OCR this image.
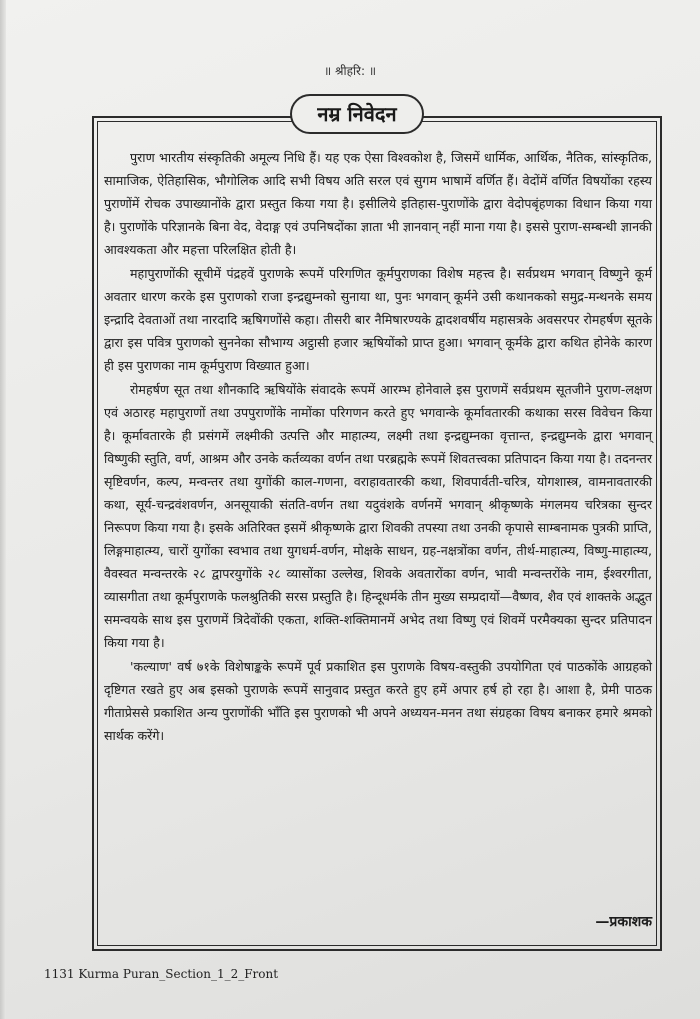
॥ श्रीहरि: ॥
नम्र निवेदन

पुराण भारतीय संस्कृतिकी अमूल्य निधि हैं। यह एक ऐसा विश्वकोश है, जिसमें धार्मिक, आर्थिक, नैतिक, सांस्कृतिक, सामाजिक, ऐतिहासिक, भौगोलिक आदि सभी विषय अति सरल एवं सुगम भाषामें वर्णित हैं। वेदोंमें वर्णित विषयोंका रहस्य पुराणोंमें रोचक उपाख्यानोंके द्वारा प्रस्तुत किया गया है। इसीलिये इतिहास-पुराणोंके द्वारा वेदोपबृंहणका विधान किया गया है। पुराणोंके परिज्ञानके बिना वेद, वेदाङ्ग एवं उपनिषदोंका ज्ञाता भी ज्ञानवान् नहीं माना गया है। इससे पुराण-सम्बन्धी ज्ञानकी आवश्यकता और महत्ता परिलक्षित होती है।

महापुराणोंकी सूचीमें पंद्रहवें पुराणके रूपमें परिगणित कूर्मपुराणका विशेष महत्त्व है। सर्वप्रथम भगवान् विष्णुने कूर्म अवतार धारण करके इस पुराणको राजा इन्द्रद्युम्नको सुनाया था, पुनः भगवान् कूर्मने उसी कथानकको समुद्र-मन्थनके समय इन्द्रादि देवताओं तथा नारदादि ऋषिगणोंसे कहा। तीसरी बार नैमिषारण्यके द्वादशवर्षीय महासत्रके अवसरपर रोमहर्षण सूतके द्वारा इस पवित्र पुराणको सुननेका सौभाग्य अट्ठासी हजार ऋषियोंको प्राप्त हुआ। भगवान् कूर्मके द्वारा कथित होनेके कारण ही इस पुराणका नाम कूर्मपुराण विख्यात हुआ।

रोमहर्षण सूत तथा शौनकादि ऋषियोंके संवादके रूपमें आरम्भ होनेवाले इस पुराणमें सर्वप्रथम सूतजीने पुराण-लक्षण एवं अठारह महापुराणों तथा उपपुराणोंके नामोंका परिगणन करते हुए भगवान्के कूर्मावतारकी कथाका सरस विवेचन किया है। कूर्मावतारके ही प्रसंगमें लक्ष्मीकी उत्पत्ति और माहात्म्य, लक्ष्मी तथा इन्द्रद्युम्नका वृत्तान्त, इन्द्रद्युम्नके द्वारा भगवान् विष्णुकी स्तुति, वर्ण, आश्रम और उनके कर्तव्यका वर्णन तथा परब्रह्मके रूपमें शिवतत्त्वका प्रतिपादन किया गया है। तदनन्तर सृष्टिवर्णन, कल्प, मन्वन्तर तथा युगोंकी काल-गणना, वराहावतारकी कथा, शिवपार्वती-चरित्र, योगशास्त्र, वामनावतारकी कथा, सूर्य-चन्द्रवंशवर्णन, अनसूयाकी संतति-वर्णन तथा यदुवंशके वर्णनमें भगवान् श्रीकृष्णके मंगलमय चरित्रका सुन्दर निरूपण किया गया है। इसके अतिरिक्त इसमें श्रीकृष्णके द्वारा शिवकी तपस्या तथा उनकी कृपासे साम्बनामक पुत्रकी प्राप्ति, लिङ्गमाहात्म्य, चारों युगोंका स्वभाव तथा युगधर्म-वर्णन, मोक्षके साधन, ग्रह-नक्षत्रोंका वर्णन, तीर्थ-माहात्म्य, विष्णु-माहात्म्य, वैवस्वत मन्वन्तरके २८ द्वापरयुगोंके २८ व्यासोंका उल्लेख, शिवके अवतारोंका वर्णन, भावी मन्वन्तरोंके नाम, ईश्वरगीता, व्यासगीता तथा कूर्मपुराणके फलश्रुतिकी सरस प्रस्तुति है। हिन्दूधर्मके तीन मुख्य सम्प्रदायों—वैष्णव, शैव एवं शाक्तके अद्भुत समन्वयके साथ इस पुराणमें त्रिदेवोंकी एकता, शक्ति-शक्तिमानमें अभेद तथा विष्णु एवं शिवमें परमैक्यका सुन्दर प्रतिपादन किया गया है।

'कल्याण' वर्ष ७१के विशेषाङ्कके रूपमें पूर्व प्रकाशित इस पुराणके विषय-वस्तुकी उपयोगिता एवं पाठकोंके आग्रहको दृष्टिगत रखते हुए अब इसको पुराणके रूपमें सानुवाद प्रस्तुत करते हुए हमें अपार हर्ष हो रहा है। आशा है, प्रेमी पाठक गीताप्रेससे प्रकाशित अन्य पुराणोंकी भाँति इस पुराणको भी अपने अध्ययन-मनन तथा संग्रहका विषय बनाकर हमारे श्रमको सार्थक करेंगे।

—प्रकाशक
1131 Kurma Puran_Section_1_2_Front
